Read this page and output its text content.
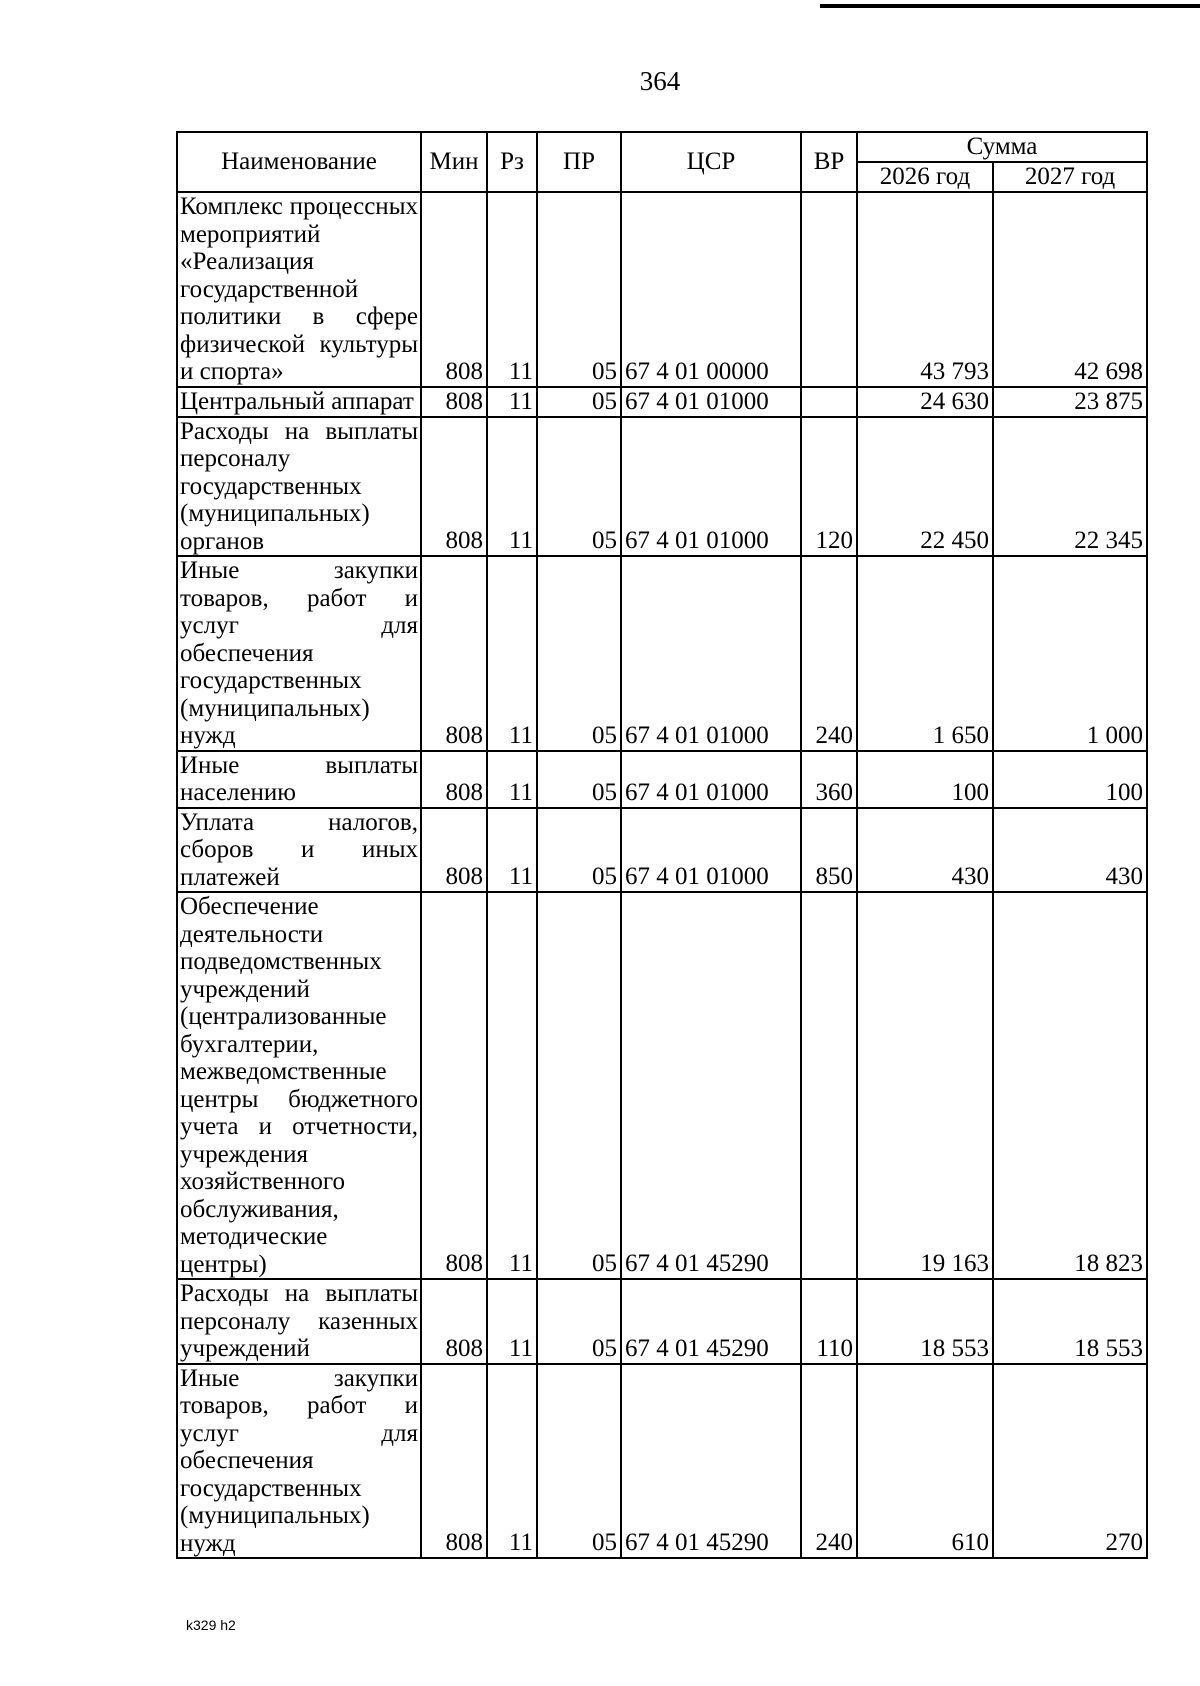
364
Наименование	Мин	Рз	ПР	ЦСР	ВР	Сумма	
						2026 год	2027 год
Комплекс процессных мероприятий «Реализация государственной политики в сфере физической культуры и спорта»	808	11	05	67 4 01 00000		43 793	42 698
Центральный аппарат	808	11	05	67 4 01 01000		24 630	23 875
Расходы на выплаты персоналу государственных (муниципальных) органов	808	11	05	67 4 01 01000	120	22 450	22 345
Иные закупки товаров, работ и услуг для обеспечения государственных (муниципальных) нужд	808	11	05	67 4 01 01000	240	1 650	1 000
Иные выплаты населению	808	11	05	67 4 01 01000	360	100	100
Уплата налогов, сборов и иных платежей	808	11	05	67 4 01 01000	850	430	430
Обеспечение деятельности подведомственных учреждений (централизованные бухгалтерии, межведомственные центры бюджетного учета и отчетности, учреждения хозяйственного обслуживания, методические центры)	808	11	05	67 4 01 45290		19 163	18 823
Расходы на выплаты персоналу казенных учреждений	808	11	05	67 4 01 45290	110	18 553	18 553
Иные закупки товаров, работ и услуг для обеспечения государственных (муниципальных) нужд	808	11	05	67 4 01 45290	240	610	270
k329 h2
